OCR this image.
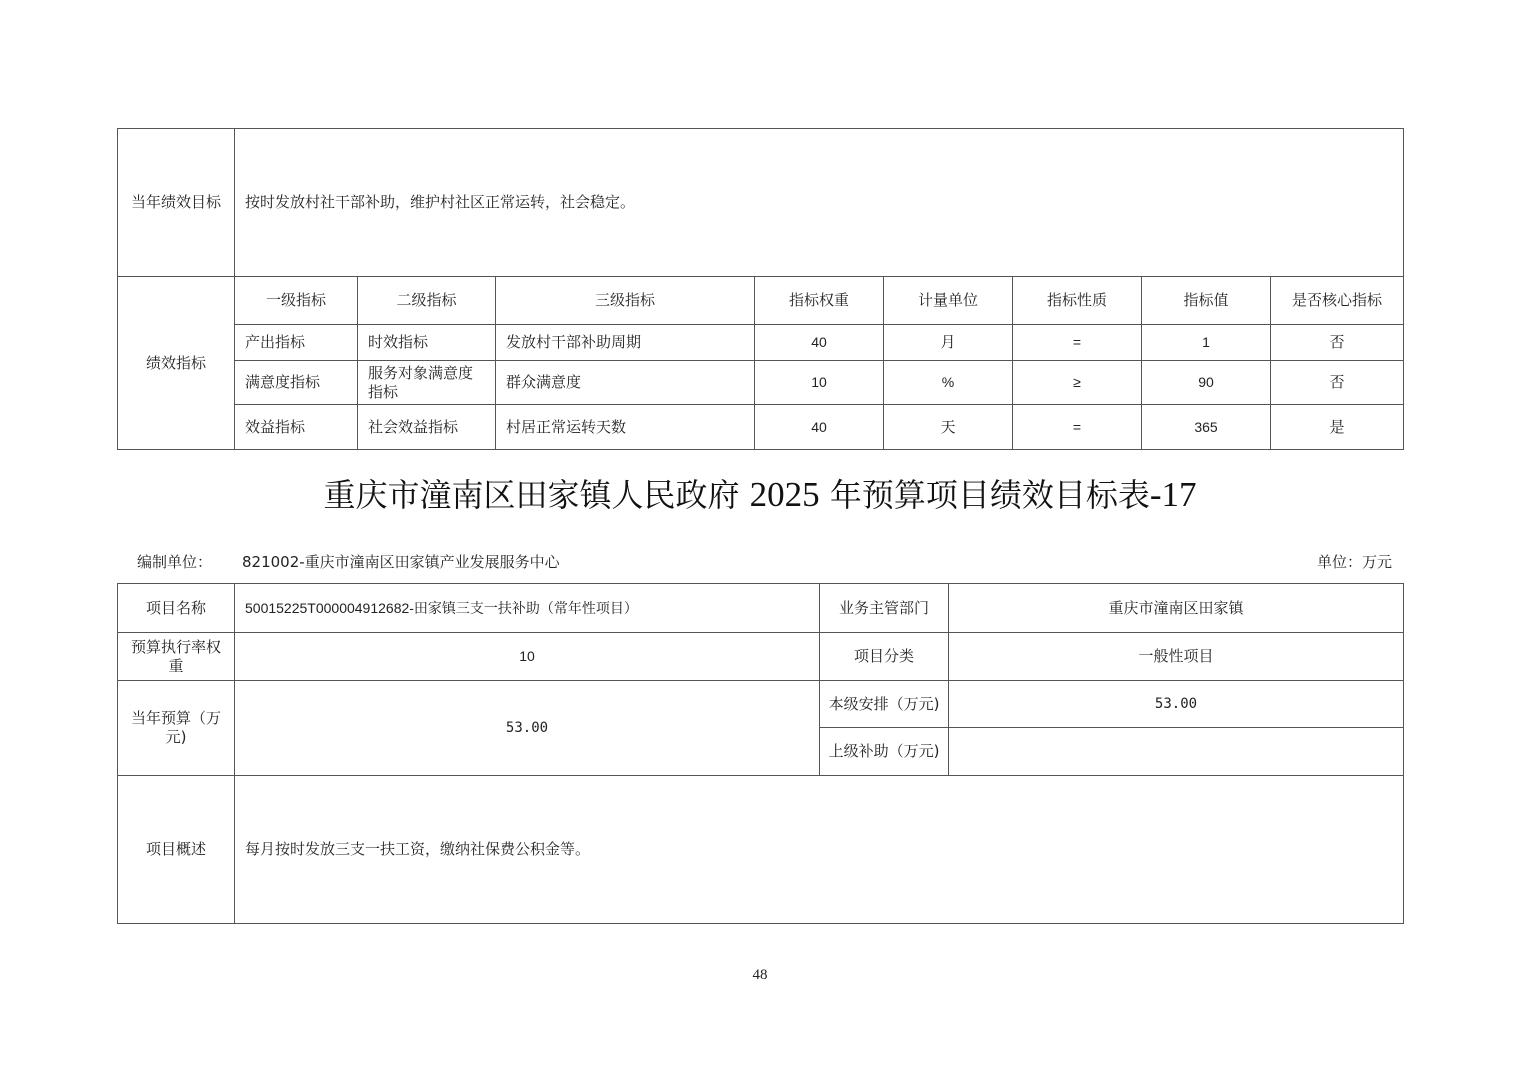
当年绩效目标	按时发放村社干部补助，维护村社区正常运转，社会稳定。							
绩效指标	一级指标	二级指标	三级指标	指标权重	计量单位	指标性质	指标值	是否核心指标
	产出指标	时效指标	发放村干部补助周期	40	月	=	1	否
	满意度指标	服务对象满意度指标	群众满意度	10	%	≥	90	否
	效益指标	社会效益指标	村居正常运转天数	40	天	=	365	是
重庆市潼南区田家镇人民政府 2025 年预算项目绩效目标表-17
编制单位： 821002-重庆市潼南区田家镇产业发展服务中心	单位：万元
项目名称	50015225T000004912682-田家镇三支一扶补助（常年性项目）	业务主管部门	重庆市潼南区田家镇
预算执行率权重	10	项目分类	一般性项目
当年预算（万元)	53.00	本级安排（万元)	53.00
		上级补助（万元)	
项目概述	每月按时发放三支一扶工资，缴纳社保费公积金等。		
48
